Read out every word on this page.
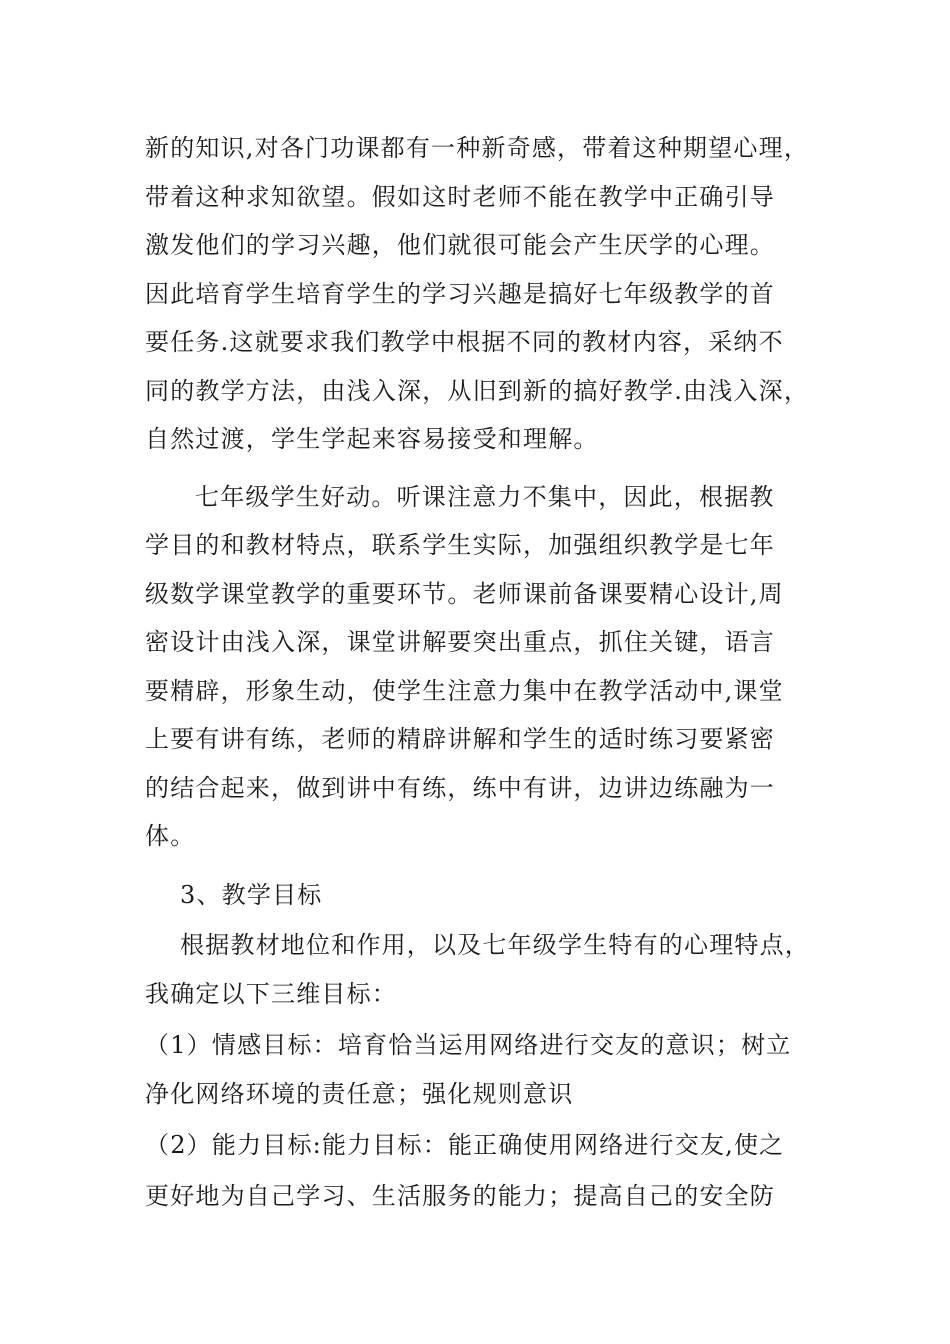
新的知识,对各门功课都有一种新奇感，带着这种期望心理，
带着这种求知欲望。假如这时老师不能在教学中正确引导
激发他们的学习兴趣，他们就很可能会产生厌学的心理。
因此培育学生培育学生的学习兴趣是搞好七年级教学的首
要任务.这就要求我们教学中根据不同的教材内容，采纳不
同的教学方法，由浅入深，从旧到新的搞好教学.由浅入深，
自然过渡，学生学起来容易接受和理解。
七年级学生好动。听课注意力不集中，因此，根据教
学目的和教材特点，联系学生实际，加强组织教学是七年
级数学课堂教学的重要环节。老师课前备课要精心设计,周
密设计由浅入深，课堂讲解要突出重点，抓住关键，语言
要精辟，形象生动，使学生注意力集中在教学活动中,课堂
上要有讲有练，老师的精辟讲解和学生的适时练习要紧密
的结合起来，做到讲中有练，练中有讲，边讲边练融为一
体。
3、教学目标
根据教材地位和作用，以及七年级学生特有的心理特点，
我确定以下三维目标：
（1）情感目标：培育恰当运用网络进行交友的意识；树立
净化网络环境的责任意；强化规则意识
（2）能力目标:能力目标：能正确使用网络进行交友,使之
更好地为自己学习、生活服务的能力；提高自己的安全防
